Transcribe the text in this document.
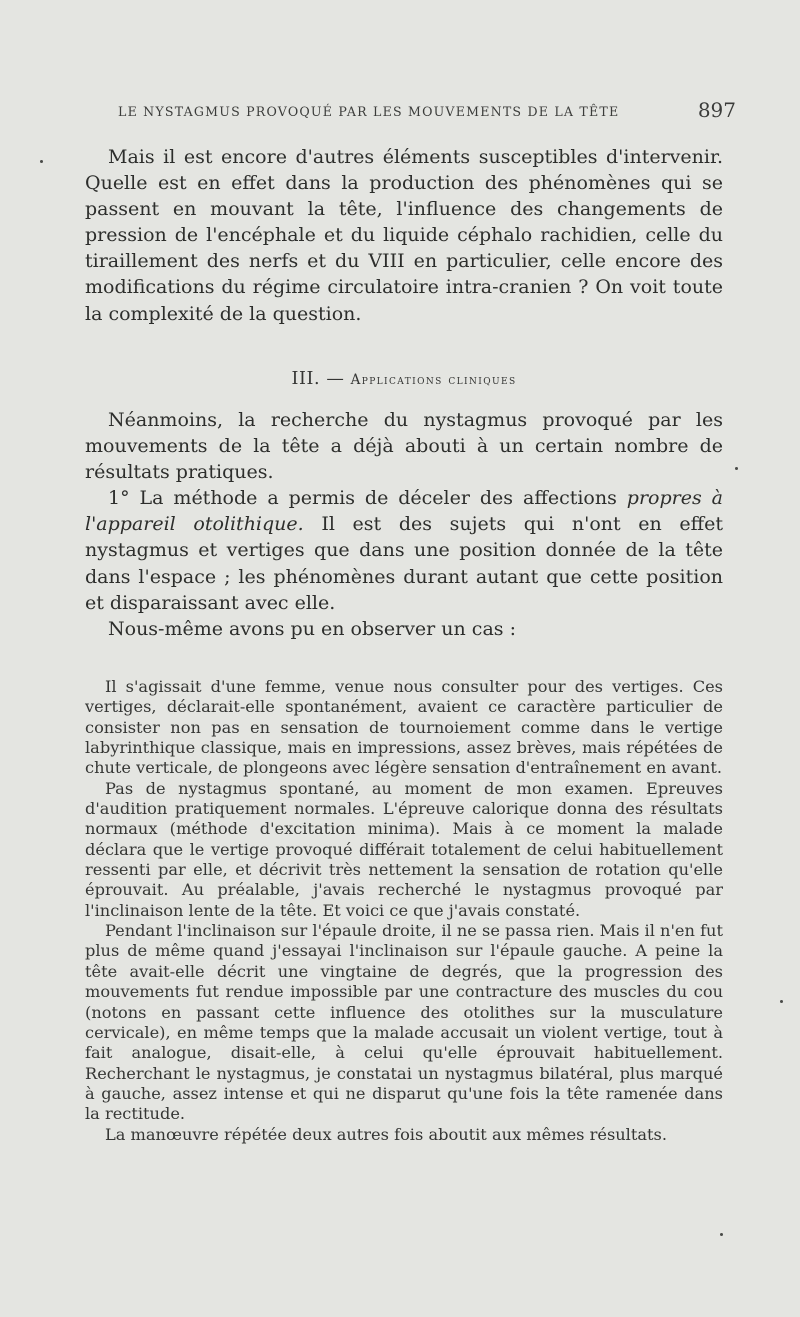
LE NYSTAGMUS PROVOQUÉ PAR LES MOUVEMENTS DE LA TÊTE	897

Mais il est encore d'autres éléments susceptibles d'intervenir. Quelle est en effet dans la production des phénomènes qui se passent en mouvant la tête, l'influence des changements de pression de l'encéphale et du liquide céphalo rachidien, celle du tiraillement des nerfs et du VIII en particulier, celle encore des modifications du régime circulatoire intra-cranien ? On voit toute la complexité de la question.

III. — Applications cliniques

Néanmoins, la recherche du nystagmus provoqué par les mouvements de la tête a déjà abouti à un certain nombre de résultats pratiques.

1° La méthode a permis de déceler des affections propres à l'appareil otolithique. Il est des sujets qui n'ont en effet nystagmus et vertiges que dans une position donnée de la tête dans l'espace ; les phénomènes durant autant que cette position et disparaissant avec elle.

Nous-même avons pu en observer un cas :

Il s'agissait d'une femme, venue nous consulter pour des vertiges. Ces vertiges, déclarait-elle spontanément, avaient ce caractère particulier de consister non pas en sensation de tournoiement comme dans le vertige labyrinthique classique, mais en impressions, assez brèves, mais répétées de chute verticale, de plongeons avec légère sensation d'entraînement en avant.

Pas de nystagmus spontané, au moment de mon examen. Epreuves d'audition pratiquement normales. L'épreuve calorique donna des résultats normaux (méthode d'excitation minima). Mais à ce moment la malade déclara que le vertige provoqué différait totalement de celui habituellement ressenti par elle, et décrivit très nettement la sensation de rotation qu'elle éprouvait. Au préalable, j'avais recherché le nystagmus provoqué par l'inclinaison lente de la tête. Et voici ce que j'avais constaté.

Pendant l'inclinaison sur l'épaule droite, il ne se passa rien. Mais il n'en fut plus de même quand j'essayai l'inclinaison sur l'épaule gauche. A peine la tête avait-elle décrit une vingtaine de degrés, que la progression des mouvements fut rendue impossible par une contracture des muscles du cou (notons en passant cette influence des otolithes sur la musculature cervicale), en même temps que la malade accusait un violent vertige, tout à fait analogue, disait-elle, à celui qu'elle éprouvait habituellement. Recherchant le nystagmus, je constatai un nystagmus bilatéral, plus marqué à gauche, assez intense et qui ne disparut qu'une fois la tête ramenée dans la rectitude.

La manœuvre répétée deux autres fois aboutit aux mêmes résultats.
